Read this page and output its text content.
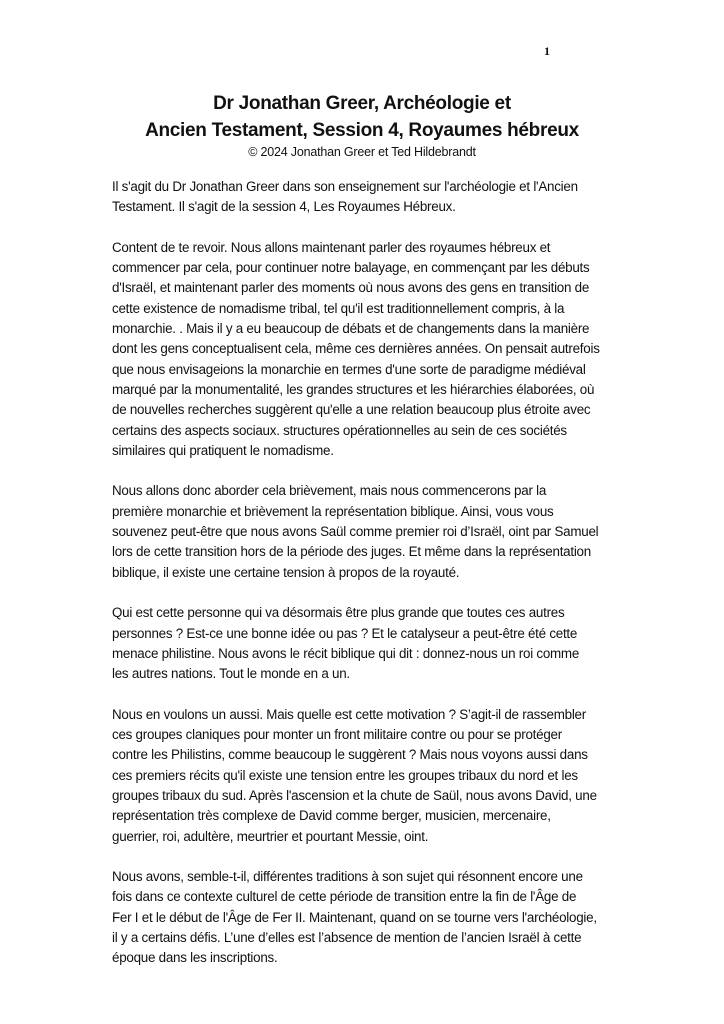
1
Dr Jonathan Greer, Archéologie et
Ancien Testament, Session 4, Royaumes hébreux
© 2024 Jonathan Greer et Ted Hildebrandt
Il s'agit du Dr Jonathan Greer dans son enseignement sur l'archéologie et l'Ancien
Testament. Il s'agit de la session 4, Les Royaumes Hébreux.
Content de te revoir. Nous allons maintenant parler des royaumes hébreux et
commencer par cela, pour continuer notre balayage, en commençant par les débuts
d'Israël, et maintenant parler des moments où nous avons des gens en transition de
cette existence de nomadisme tribal, tel qu'il est traditionnellement compris, à la
monarchie. . Mais il y a eu beaucoup de débats et de changements dans la manière
dont les gens conceptualisent cela, même ces dernières années. On pensait autrefois
que nous envisageions la monarchie en termes d'une sorte de paradigme médiéval
marqué par la monumentalité, les grandes structures et les hiérarchies élaborées, où
de nouvelles recherches suggèrent qu'elle a une relation beaucoup plus étroite avec
certains des aspects sociaux. structures opérationnelles au sein de ces sociétés
similaires qui pratiquent le nomadisme.
Nous allons donc aborder cela brièvement, mais nous commencerons par la
première monarchie et brièvement la représentation biblique. Ainsi, vous vous
souvenez peut-être que nous avons Saül comme premier roi d’Israël, oint par Samuel
lors de cette transition hors de la période des juges. Et même dans la représentation
biblique, il existe une certaine tension à propos de la royauté.
Qui est cette personne qui va désormais être plus grande que toutes ces autres
personnes ? Est-ce une bonne idée ou pas ? Et le catalyseur a peut-être été cette
menace philistine. Nous avons le récit biblique qui dit : donnez-nous un roi comme
les autres nations. Tout le monde en a un.
Nous en voulons un aussi. Mais quelle est cette motivation ? S’agit-il de rassembler
ces groupes claniques pour monter un front militaire contre ou pour se protéger
contre les Philistins, comme beaucoup le suggèrent ? Mais nous voyons aussi dans
ces premiers récits qu'il existe une tension entre les groupes tribaux du nord et les
groupes tribaux du sud. Après l'ascension et la chute de Saül, nous avons David, une
représentation très complexe de David comme berger, musicien, mercenaire,
guerrier, roi, adultère, meurtrier et pourtant Messie, oint.
Nous avons, semble-t-il, différentes traditions à son sujet qui résonnent encore une
fois dans ce contexte culturel de cette période de transition entre la fin de l'Âge de
Fer I et le début de l'Âge de Fer II. Maintenant, quand on se tourne vers l'archéologie,
il y a certains défis. L’une d’elles est l’absence de mention de l’ancien Israël à cette
époque dans les inscriptions.
